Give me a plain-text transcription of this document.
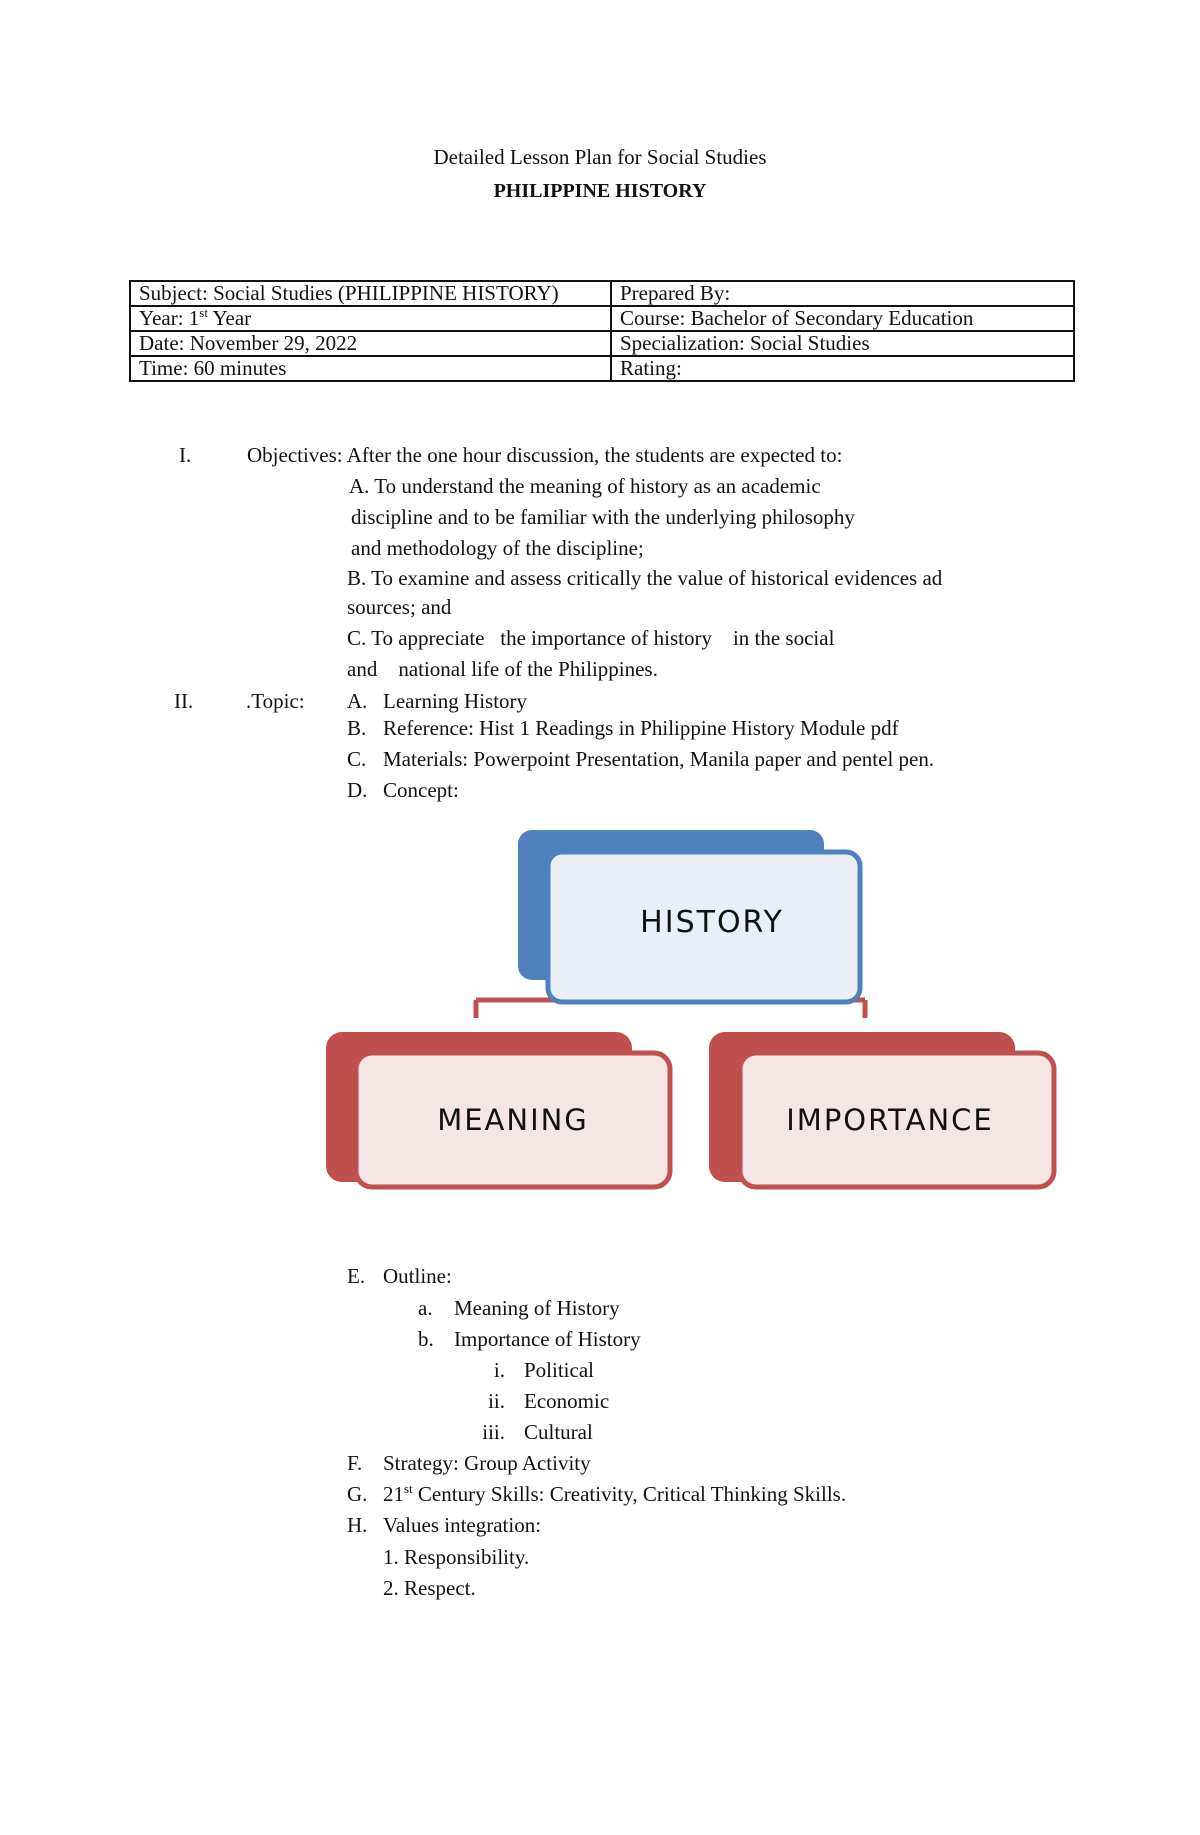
Detailed Lesson Plan for Social Studies
PHILIPPINE HISTORY
Subject: Social Studies (PHILIPPINE HISTORY)	Prepared By:
Year: 1st Year	Course: Bachelor of Secondary Education
Date: November 29, 2022	Specialization: Social Studies
Time: 60 minutes	Rating:
I.	Objectives: After the one hour discussion, the students are expected to:
A. To understand the meaning of history as an academic
discipline and to be familiar with the underlying philosophy
and methodology of the discipline;
B. To examine and assess critically the value of historical evidences ad
sources; and
C. To appreciate   the importance of history    in the social
and    national life of the Philippines.
II.	.Topic: A. Learning History
B. Reference: Hist 1 Readings in Philippine History Module pdf
C. Materials: Powerpoint Presentation, Manila paper and pentel pen.
D. Concept:
HISTORY
MEANING	IMPORTANCE
E. Outline:
a. Meaning of History
b. Importance of History
i. Political
ii. Economic
iii. Cultural
F. Strategy: Group Activity
G. 21st Century Skills: Creativity, Critical Thinking Skills.
H. Values integration:
1. Responsibility.
2. Respect.
